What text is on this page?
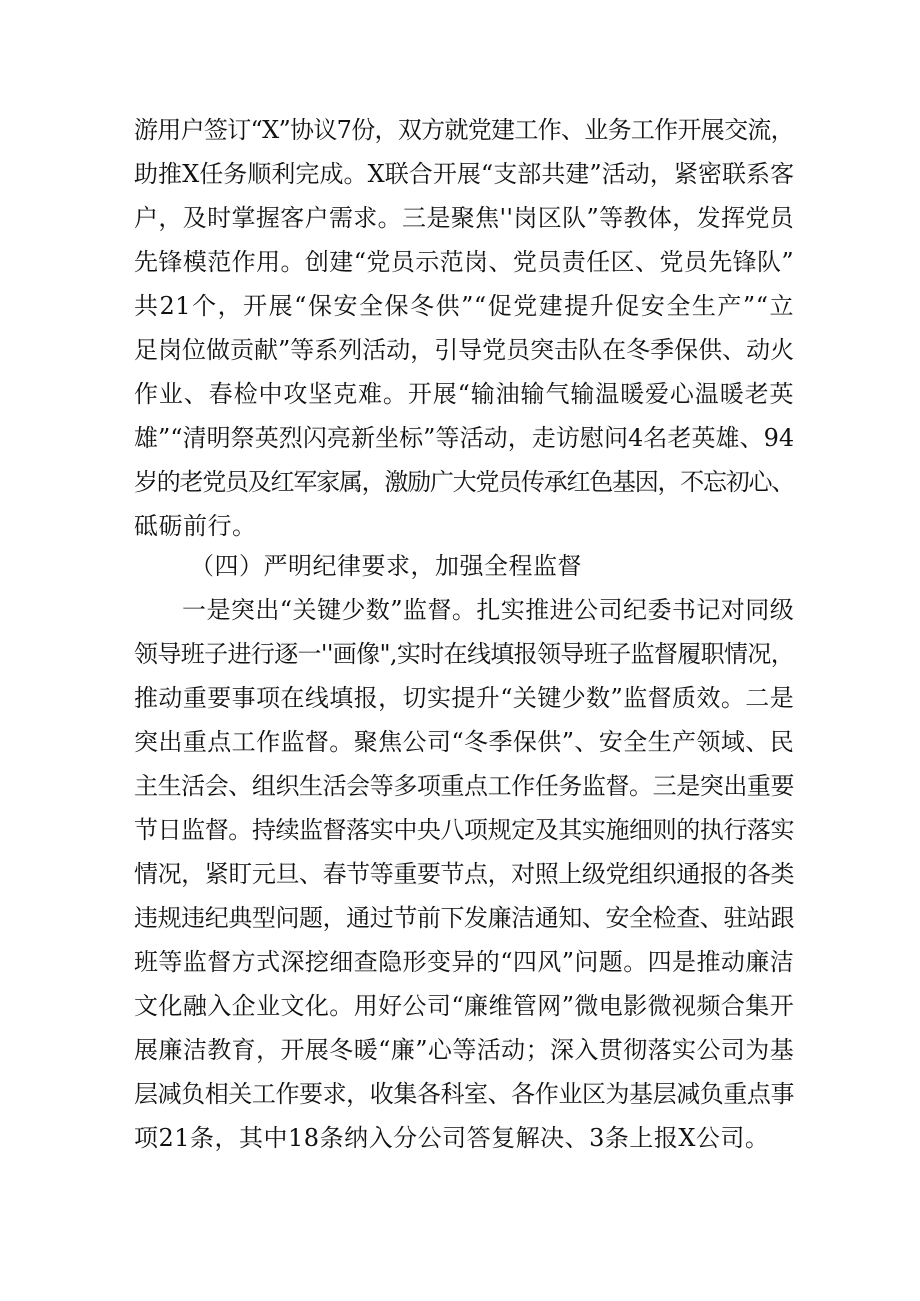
游用户签订“X”协议7份，双方就党建工作、业务工作开展交流，
助推X任务顺利完成。X联合开展“支部共建”活动，紧密联系客
户，及时掌握客户需求。三是聚焦''岗区队”等教体，发挥党员
先锋模范作用。创建“党员示范岗、党员责任区、党员先锋队”
共21个，开展“保安全保冬供”“促党建提升促安全生产”“立
足岗位做贡献”等系列活动，引导党员突击队在冬季保供、动火
作业、春检中攻坚克难。开展“输油输气输温暖爱心温暖老英
雄”“清明祭英烈闪亮新坐标”等活动，走访慰问4名老英雄、94
岁的老党员及红军家属，激励广大党员传承红色基因，不忘初心、
砥砺前行。
（四）严明纪律要求，加强全程监督
一是突出“关键少数”监督。扎实推进公司纪委书记对同级
领导班子进行逐一''画像",实时在线填报领导班子监督履职情况，
推动重要事项在线填报，切实提升“关键少数”监督质效。二是
突出重点工作监督。聚焦公司“冬季保供”、安全生产领域、民
主生活会、组织生活会等多项重点工作任务监督。三是突出重要
节日监督。持续监督落实中央八项规定及其实施细则的执行落实
情况，紧盯元旦、春节等重要节点，对照上级党组织通报的各类
违规违纪典型问题，通过节前下发廉洁通知、安全检查、驻站跟
班等监督方式深挖细查隐形变异的“四风”问题。四是推动廉洁
文化融入企业文化。用好公司“廉维管网”微电影微视频合集开
展廉洁教育，开展冬暖“廉”心等活动；深入贯彻落实公司为基
层减负相关工作要求，收集各科室、各作业区为基层减负重点事
项21条，其中18条纳入分公司答复解决、3条上报X公司。
